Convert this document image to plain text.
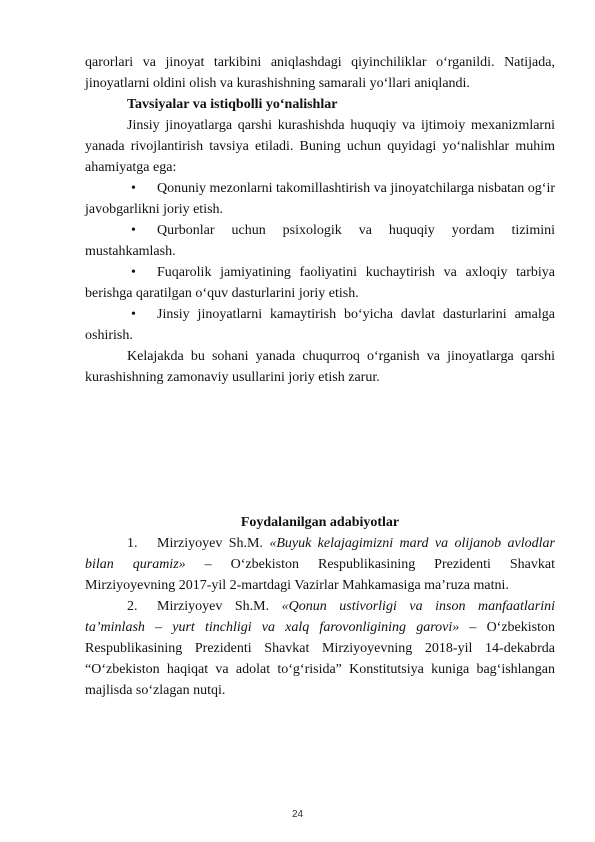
qarorlari va jinoyat tarkibini aniqlashdagi qiyinchiliklar o‘rganildi. Natijada, jinoyatlarni oldini olish va kurashishning samarali yo‘llari aniqlandi.

Tavsiyalar va istiqbolli yo‘nalishlar

Jinsiy jinoyatlarga qarshi kurashishda huquqiy va ijtimoiy mexanizmlarni yanada rivojlantirish tavsiya etiladi. Buning uchun quyidagi yo‘nalishlar muhim ahamiyatga ega:

•	Qonuniy mezonlarni takomillashtirish va jinoyatchilarga nisbatan og‘ir javobgarlikni joriy etish.
•	Qurbonlar uchun psixologik va huquqiy yordam tizimini mustahkamlash.
•	Fuqarolik jamiyatining faoliyatini kuchaytirish va axloqiy tarbiya berishga qaratilgan o‘quv dasturlarini joriy etish.
•	Jinsiy jinoyatlarni kamaytirish bo‘yicha davlat dasturlarini amalga oshirish.

Kelajakda bu sohani yanada chuqurroq o‘rganish va jinoyatlarga qarshi kurashishning zamonaviy usullarini joriy etish zarur.

Foydalanilgan adabiyotlar

1.	Mirziyoyev Sh.M. «Buyuk kelajagimizni mard va olijanob avlodlar bilan quramiz» – O‘zbekiston Respublikasining Prezidenti Shavkat Mirziyoyevning 2017-yil 2-martdagi Vazirlar Mahkamasiga ma’ruza matni.
2.	Mirziyoyev Sh.M. «Qonun ustivorligi va inson manfaatlarini ta’minlash – yurt tinchligi va xalq farovonligining garovi» – O‘zbekiston Respublikasining Prezidenti Shavkat Mirziyoyevning 2018-yil 14-dekabrda “O‘zbekiston haqiqat va adolat to‘g‘risida” Konstitutsiya kuniga bag‘ishlangan majlisda so‘zlagan nutqi.
24
